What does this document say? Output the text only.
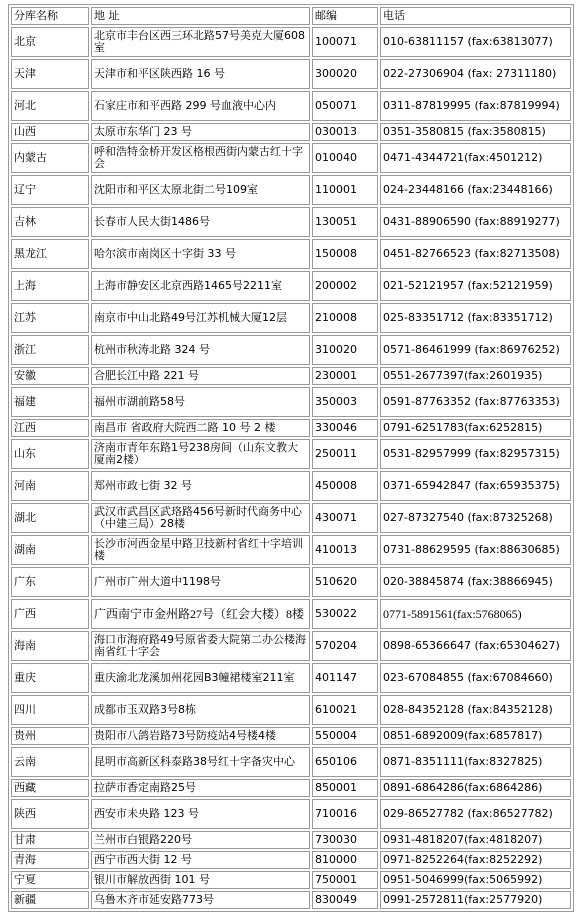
分库名称	地 址	邮编	电话
北京	北京市丰台区西三环北路57号美克大厦608室	100071	010-63811157 (fax:63813077)
天津	天津市和平区陕西路 16 号	300020	022-27306904 (fax: 27311180)
河北	石家庄市和平西路 299 号血液中心内	050071	0311-87819995 (fax:87819994)
山西	太原市东华门 23 号	030013	0351-3580815 (fax:3580815)
内蒙古	呼和浩特金桥开发区格根西街内蒙古红十字会	010040	0471-4344721(fax:4501212)
辽宁	沈阳市和平区太原北街二号109室	110001	024-23448166 (fax:23448166)
吉林	长春市人民大街1486号	130051	0431-88906590 (fax:88919277)
黑龙江	哈尔滨市南岗区十字街 33 号	150008	0451-82766523 (fax:82713508)
上海	上海市静安区北京西路1465号2211室	200002	021-52121957 (fax:52121959)
江苏	南京市中山北路49号江苏机械大厦12层	210008	025-83351712 (fax:83351712)
浙江	杭州市秋涛北路 324 号	310020	0571-86461999 (fax:86976252)
安徽	合肥长江中路 221 号	230001	0551-2677397(fax:2601935)
福建	福州市湖前路58号	350003	0591-87763352 (fax:87763353)
江西	南昌市 省政府大院西二路 10 号 2 楼	330046	0791-6251783(fax:6252815)
山东	济南市青年东路1号238房间（山东文教大厦南2楼）	250011	0531-82957999 (fax:82957315)
河南	郑州市政七街 32 号	450008	0371-65942847 (fax:65935375)
湖北	武汉市武昌区武珞路456号新时代商务中心（中建三局）28楼	430071	027-87327540 (fax:87325268)
湖南	长沙市河西金星中路卫技新村省红十字培训楼	410013	0731-88629595 (fax:88630685)
广东	广州市广州大道中1198号	510620	020-38845874 (fax:38866945)
广西	广西南宁市金州路27号（红会大楼）8楼	530022	0771-5891561(fax:5768065)
海南	海口市海府路49号原省委大院第二办公楼海南省红十字会	570204	0898-65366647 (fax:65304627)
重庆	重庆渝北龙溪加州花园B3幢裙楼室211室	401147	023-67084855 (fax:67084660)
四川	成都市玉双路3号8栋	610021	028-84352128 (fax:84352128)
贵州	贵阳市八鸽岩路73号防疫站4号楼4楼	550004	0851-6892009(fax:6857817)
云南	昆明市高新区科泰路38号红十字备灾中心	650106	0871-8351111(fax:8327825)
西藏	拉萨市香定南路25号	850001	0891-6864286(fax:6864286)
陕西	西安市未央路 123 号	710016	029-86527782 (fax:86527782)
甘肃	兰州市白银路220号	730030	0931-4818207(fax:4818207)
青海	西宁市西大街 12 号	810000	0971-8252264(fax:8252292)
宁夏	银川市解放西街 101 号	750001	0951-5046999(fax:5065992)
新疆	乌鲁木齐市延安路773号	830049	0991-2572811(fax:2577920)
